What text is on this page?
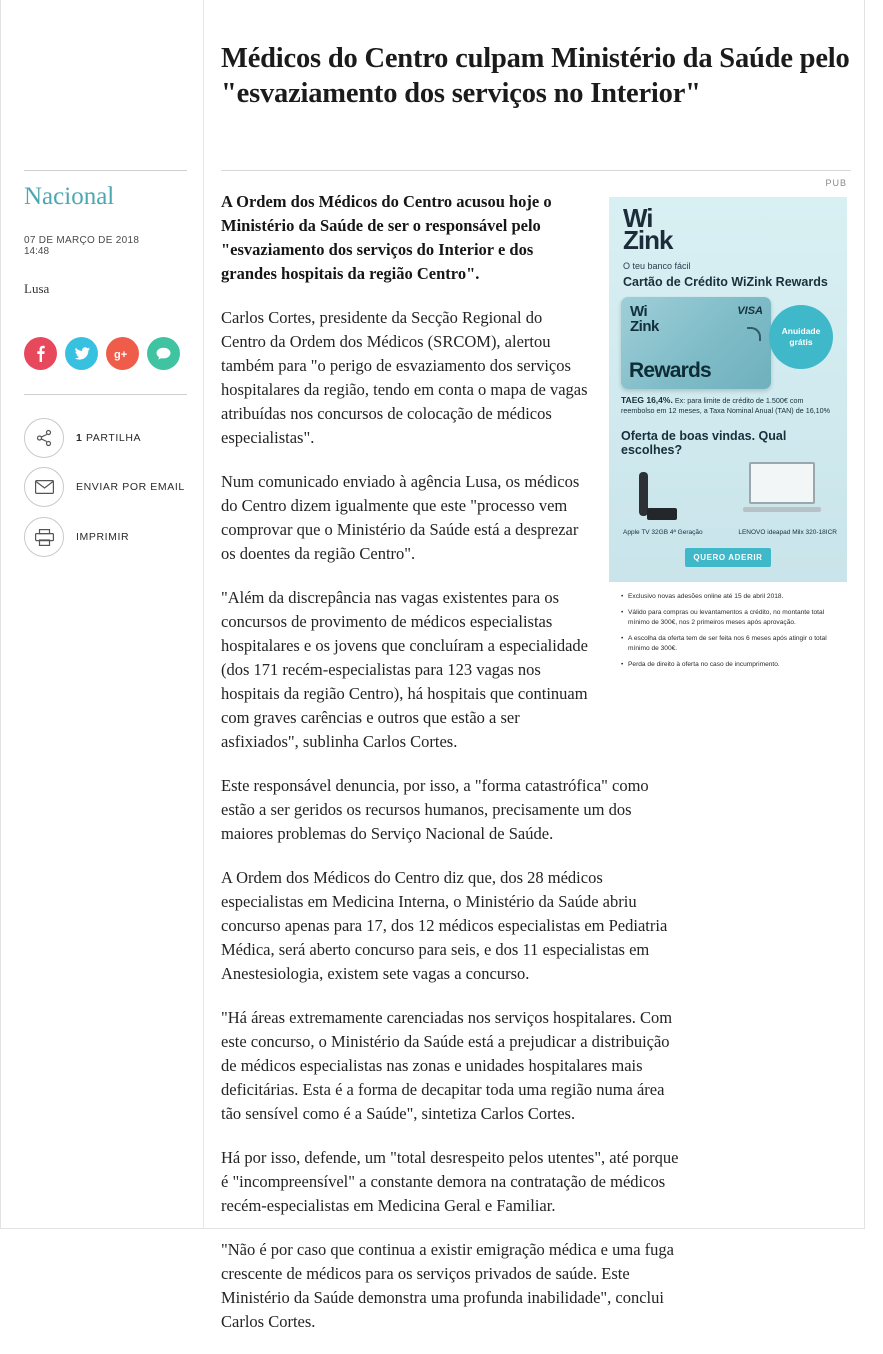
Médicos do Centro culpam Ministério da Saúde pelo "esvaziamento dos serviços no Interior"
Nacional
07 DE MARÇO DE 2018
14:48
Lusa
g+
1 PARTILHA
ENVIAR POR EMAIL
IMPRIMIR

A Ordem dos Médicos do Centro acusou hoje o Ministério da Saúde de ser o responsável pelo "esvaziamento dos serviços do Interior e dos grandes hospitais da região Centro".

Carlos Cortes, presidente da Secção Regional do Centro da Ordem dos Médicos (SRCOM), alertou também para "o perigo de esvaziamento dos serviços hospitalares da região, tendo em conta o mapa de vagas atribuídas nos concursos de colocação de médicos especialistas".

Num comunicado enviado à agência Lusa, os médicos do Centro dizem igualmente que este "processo vem comprovar que o Ministério da Saúde está a desprezar os doentes da região Centro".

"Além da discrepância nas vagas existentes para os concursos de provimento de médicos especialistas hospitalares e os jovens que concluíram a especialidade (dos 171 recém-especialistas para 123 vagas nos hospitais da região Centro), há hospitais que continuam com graves carências e outros que estão a ser asfixiados", sublinha Carlos Cortes.

Este responsável denuncia, por isso, a "forma catastrófica" como estão a ser geridos os recursos humanos, precisamente um dos maiores problemas do Serviço Nacional de Saúde.

A Ordem dos Médicos do Centro diz que, dos 28 médicos especialistas em Medicina Interna, o Ministério da Saúde abriu concurso apenas para 17, dos 12 médicos especialistas em Pediatria Médica, será aberto concurso para seis, e dos 11 especialistas em Anestesiologia, existem sete vagas a concurso.

"Há áreas extremamente carenciadas nos serviços hospitalares. Com este concurso, o Ministério da Saúde está a prejudicar a distribuição de médicos especialistas nas zonas e unidades hospitalares mais deficitárias. Esta é a forma de decapitar toda uma região numa área tão sensível como é a Saúde", sintetiza Carlos Cortes.

Há por isso, defende, um "total desrespeito pelos utentes", até porque é "incompreensível" a constante demora na contratação de médicos recém-especialistas em Medicina Geral e Familiar.

"Não é por caso que continua a existir emigração médica e uma fuga crescente de médicos para os serviços privados de saúde. Este Ministério da Saúde demonstra uma profunda inabilidade", conclui Carlos Cortes.

PUB
Wi
Zink
O teu banco fácil
Cartão de Crédito WiZink Rewards
Wi
Zink
VISA
Rewards
Anuidade grátis
TAEG 16,4%. Ex: para limite de crédito de 1.500€ com reembolso em 12 meses, a Taxa Nominal Anual (TAN) de 16,10%
Oferta de boas vindas. Qual escolhes?
Apple TV 32GB 4ª Geração	LENOVO ideapad Milx 320-18ICR
QUERO ADERIR
• Exclusivo novas adesões online até 15 de abril 2018.
• Válido para compras ou levantamentos a crédito, no montante total mínimo de 300€, nos 2 primeiros meses após aprovação.
• A escolha da oferta tem de ser feita nos 6 meses após atingir o total mínimo de 300€.
• Perda de direito à oferta no caso de incumprimento.
